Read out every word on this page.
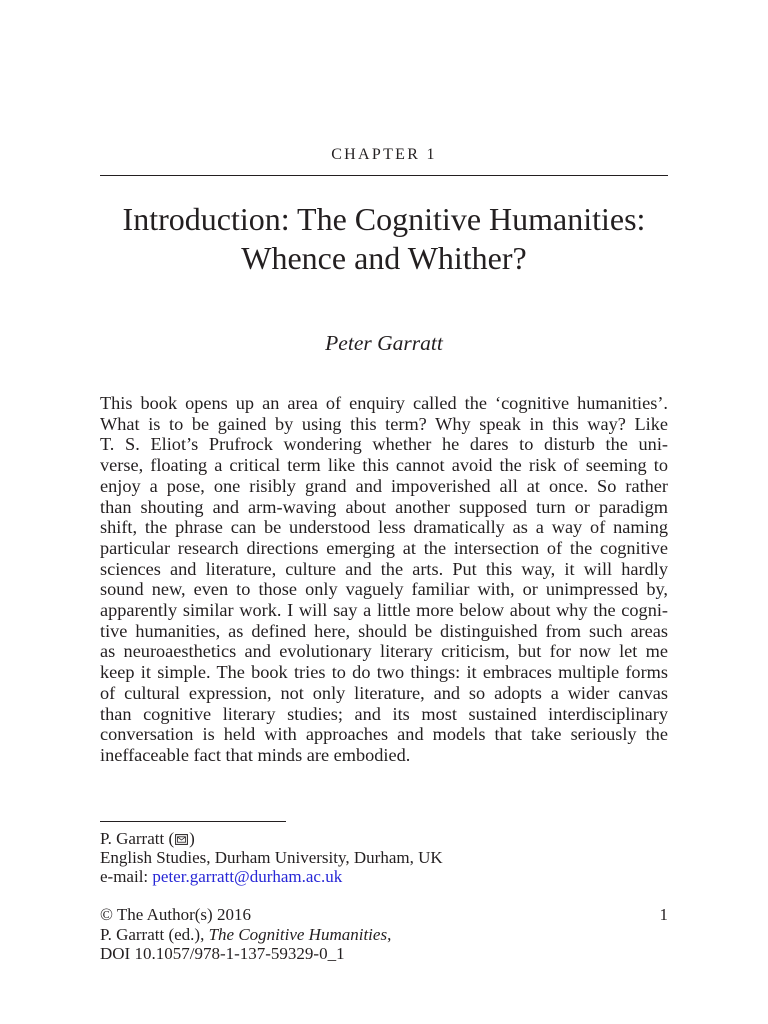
CHAPTER 1
Introduction: The Cognitive Humanities:
Whence and Whither?
Peter Garratt
This book opens up an area of enquiry called the ‘cognitive humanities’.
What is to be gained by using this term? Why speak in this way? Like
T. S. Eliot’s Prufrock wondering whether he dares to disturb the uni-
verse, floating a critical term like this cannot avoid the risk of seeming to
enjoy a pose, one risibly grand and impoverished all at once. So rather
than shouting and arm-waving about another supposed turn or paradigm
shift, the phrase can be understood less dramatically as a way of naming
particular research directions emerging at the intersection of the cognitive
sciences and literature, culture and the arts. Put this way, it will hardly
sound new, even to those only vaguely familiar with, or unimpressed by,
apparently similar work. I will say a little more below about why the cogni-
tive humanities, as defined here, should be distinguished from such areas
as neuroaesthetics and evolutionary literary criticism, but for now let me
keep it simple. The book tries to do two things: it embraces multiple forms
of cultural expression, not only literature, and so adopts a wider canvas
than cognitive literary studies; and its most sustained interdisciplinary
conversation is held with approaches and models that take seriously the
ineffaceable fact that minds are embodied.
P. Garratt ( )
English Studies, Durham University, Durham, UK
e-mail: peter.garratt@durham.ac.uk
© The Author(s) 2016
P. Garratt (ed.), The Cognitive Humanities,
DOI 10.1057/978-1-137-59329-0_1
1
